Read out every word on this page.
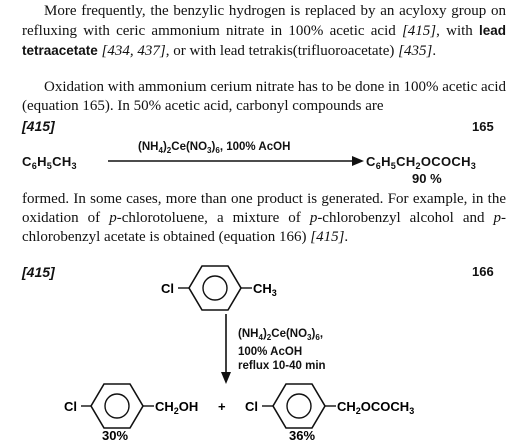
More frequently, the benzylic hydrogen is replaced by an acyloxy group on refluxing with ceric ammonium nitrate in 100% acetic acid [415], with lead tetraacetate [434, 437], or with lead tetrakis(trifluoroacetate) [435].
Oxidation with ammonium cerium nitrate has to be done in 100% acetic acid (equation 165). In 50% acetic acid, carbonyl compounds are
[415]	165
$C_6H_5CH_3$
$(NH_4)_2Ce(NO_3)_6$, 100% AcOH
$C_6H_5CH_2OCOCH_3$
90 %
formed. In some cases, more than one product is generated. For example, in the oxidation of p-chlorotoluene, a mixture of p-chlorobenzyl alcohol and p-chlorobenzyl acetate is obtained (equation 166) [415].
[415]	166
$(NH_4)_2Ce(NO_3)_6$,
100% AcOH
reflux 10-40 min
Cl	$CH_3$
Cl	$CH_2OH + Cl$	$CH_2OCOCH_3$
30%	36%
